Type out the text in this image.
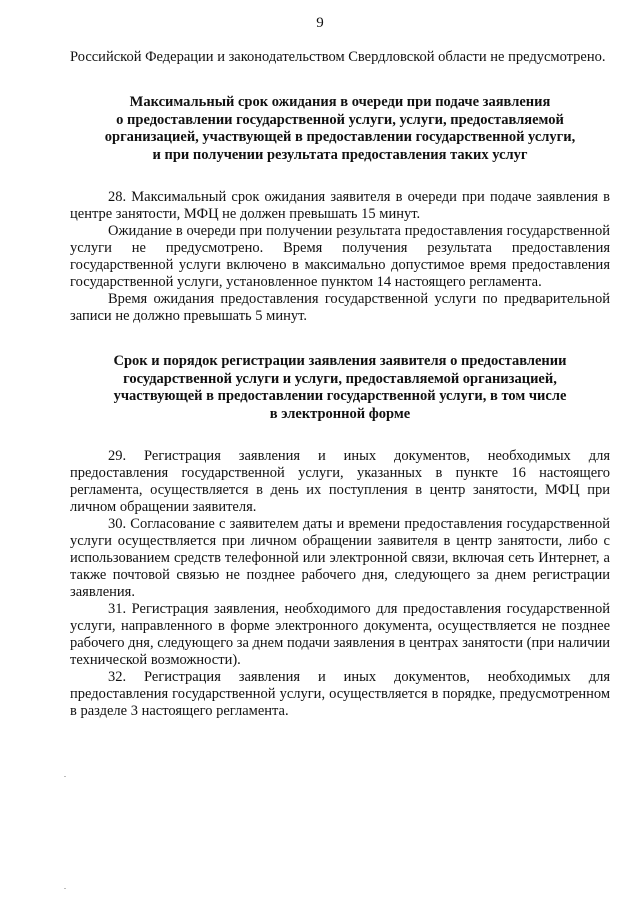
9

Российской Федерации и законодательством Свердловской области не предусмотрено.

Максимальный срок ожидания в очереди при подаче заявления
о предоставлении государственной услуги, услуги, предоставляемой
организацией, участвующей в предоставлении государственной услуги,
и при получении результата предоставления таких услуг

28. Максимальный срок ожидания заявителя в очереди при подаче заявления в центре занятости, МФЦ не должен превышать 15 минут.

Ожидание в очереди при получении результата предоставления государственной услуги не предусмотрено. Время получения результата предоставления государственной услуги включено в максимально допустимое время предоставления государственной услуги, установленное пунктом 14 настоящего регламента.

Время ожидания предоставления государственной услуги по предварительной записи не должно превышать 5 минут.

Срок и порядок регистрации заявления заявителя о предоставлении
государственной услуги и услуги, предоставляемой организацией,
участвующей в предоставлении государственной услуги, в том числе
в электронной форме

29. Регистрация заявления и иных документов, необходимых для предоставления государственной услуги, указанных в пункте 16 настоящего регламента, осуществляется в день их поступления в центр занятости, МФЦ при личном обращении заявителя.

30. Согласование с заявителем даты и времени предоставления государственной услуги осуществляется при личном обращении заявителя в центр занятости, либо с использованием средств телефонной или электронной связи, включая сеть Интернет, а также почтовой связью не позднее рабочего дня, следующего за днем регистрации заявления.

31. Регистрация заявления, необходимого для предоставления государственной услуги, направленного в форме электронного документа, осуществляется не позднее рабочего дня, следующего за днем подачи заявления в центрах занятости (при наличии технической возможности).

32. Регистрация заявления и иных документов, необходимых для предоставления государственной услуги, осуществляется в порядке, предусмотренном в разделе 3 настоящего регламента.
